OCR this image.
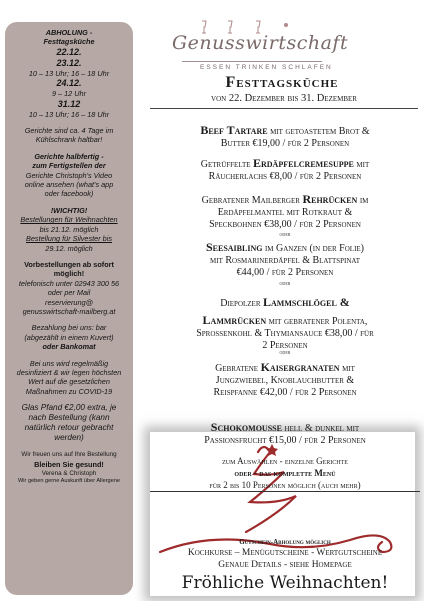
ABHOLUNG -
Festtagsküche
22.12.
23.12.
10 – 13 Uhr; 16 – 18 Uhr
24.12.
9 – 12 Uhr
31.12
10 – 13 Uhr; 16 – 18 Uhr
Gerichte sind ca. 4 Tage im
Kühlschrank haltbar!
Gerichte halbfertig -
zum Fertigstellen der
Gerichte Christoph's Video
online ansehen (what's app
oder facebook)
!WICHTIG!
Bestellungen für Weihnachten
bis 21.12. möglich
Bestellung für Silvester bis
29.12. möglich
Vorbestellungen ab sofort
möglich!
telefonisch unter 02943 300 56
oder per Mail
reservierung@
genusswirtschaft-mailberg.at
Bezahlung bei uns: bar
(abgezählt in einem Kuvert)
oder Bankomat
Bei uns wird regelmäßig
desinfiziert & wir legen höchsten
Wert auf die gesetzlichen
Maßnahmen zu COVID-19
Glas Pfand €2,00 extra, je
nach Bestellung (kann
natürlich retour gebracht
werden)
Wir freuen uns auf Ihre Bestellung
Bleiben Sie gesund!
Verena & Christoph
Wir geben gerne Auskunft über Allergene
Genusswirtschaft
ESSEN TRINKEN SCHLAFEN
Festtagsküche
von 22. Dezember bis 31. Dezember
Beef Tartare mit getoastetem Brot &
Butter €19,00 / für 2 Personen
Getrüffelte Erdäpfelcremesuppe mit
Räucherlachs €8,00 / für 2 Personen
Gebratener Mailberger Rehrücken im
Erdäpfelmantel mit Rotkraut &
Speckbohnen €38,00 / für 2 Personen
oder
Seesaibling im Ganzen (in der Folie)
mit Rosmarinerdäpfel & Blattspinat
€44,00 / für 2 Personen
oder
Diepolzer Lammschlögel &
Lammrücken mit gebratener Polenta,
Sprossenkohl & Thymiansauce €38,00 / für
2 Personen
oder
Gebratene Kaisergranaten mit
Jungzwiebel, Knoblauchbutter &
Reispfanne €42,00 / für 2 Personen
Schokomousse hell & dunkel mit
Passionsfrucht €15,00 / für 2 Personen
zum Auswählen - einzelne Gerichte
oder - das komplette Menü
für 2 bis 10 Personen möglich (auch mehr)
Gutschein-Abholung möglich
Kochkurse – Menügutscheine - Wertgutscheine
Genaue Details - siehe Homepage
Fröhliche Weihnachten!
